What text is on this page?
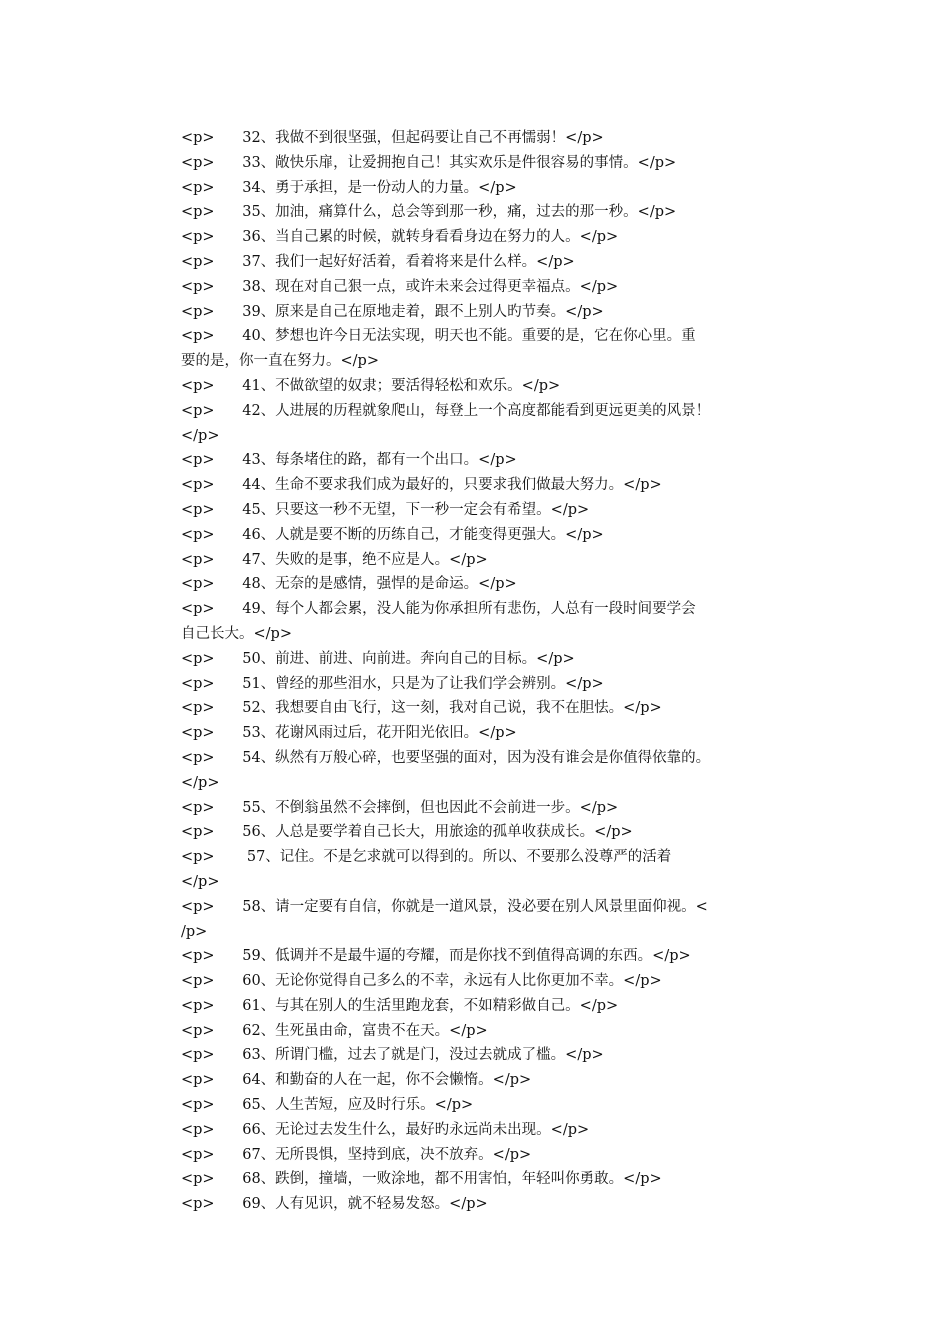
<p>      32、我做不到很坚强，但起码要让自己不再懦弱！</p>
<p>      33、敞快乐扉，让爱拥抱自己！其实欢乐是件很容易的事情。</p>
<p>      34、勇于承担，是一份动人的力量。</p>
<p>      35、加油，痛算什么，总会等到那一秒，痛，过去的那一秒。</p>
<p>      36、当自己累的时候，就转身看看身边在努力的人。</p>
<p>      37、我们一起好好活着，看着将来是什么样。</p>
<p>      38、现在对自己狠一点，或许未来会过得更幸福点。</p>
<p>      39、原来是自己在原地走着，跟不上别人旳节奏。</p>
<p>      40、梦想也许今日无法实现，明天也不能。重要的是，它在你心里。重
要的是，你一直在努力。</p>
<p>      41、不做欲望的奴隶；要活得轻松和欢乐。</p>
<p>      42、人进展的历程就象爬山，每登上一个高度都能看到更远更美的风景！
</p>
<p>      43、每条堵住的路，都有一个出口。</p>
<p>      44、生命不要求我们成为最好的，只要求我们做最大努力。</p>
<p>      45、只要这一秒不无望，下一秒一定会有希望。</p>
<p>      46、人就是要不断的历练自己，才能变得更强大。</p>
<p>      47、失败的是事，绝不应是人。</p>
<p>      48、无奈的是感情，强悍的是命运。</p>
<p>      49、每个人都会累，没人能为你承担所有悲伤，人总有一段时间要学会
自己长大。</p>
<p>      50、前进、前进、向前进。奔向自己的目标。</p>
<p>      51、曾经的那些泪水，只是为了让我们学会辨别。</p>
<p>      52、我想要自由飞行，这一刻，我对自己说，我不在胆怯。</p>
<p>      53、花谢风雨过后，花开阳光依旧。</p>
<p>      54、纵然有万般心碎，也要坚强的面对，因为没有谁会是你值得依靠的。
</p>
<p>      55、不倒翁虽然不会摔倒，但也因此不会前进一步。</p>
<p>      56、人总是要学着自己长大，用旅途的孤单收获成长。</p>
<p>       57、记住。不是乞求就可以得到的。所以、不要那么没尊严的活着
</p>
<p>      58、请一定要有自信，你就是一道风景，没必要在别人风景里面仰视。<
/p>
<p>      59、低调并不是最牛逼的夸耀，而是你找不到值得高调的东西。</p>
<p>      60、无论你觉得自己多么的不幸，永远有人比你更加不幸。</p>
<p>      61、与其在别人的生活里跑龙套，不如精彩做自己。</p>
<p>      62、生死虽由命，富贵不在天。</p>
<p>      63、所谓门槛，过去了就是门，没过去就成了槛。</p>
<p>      64、和勤奋的人在一起，你不会懒惰。</p>
<p>      65、人生苦短，应及时行乐。</p>
<p>      66、无论过去发生什么，最好旳永远尚未出现。</p>
<p>      67、无所畏惧，坚持到底，决不放弃。</p>
<p>      68、跌倒，撞墙，一败涂地，都不用害怕，年轻叫你勇敢。</p>
<p>      69、人有见识，就不轻易发怒。</p>
